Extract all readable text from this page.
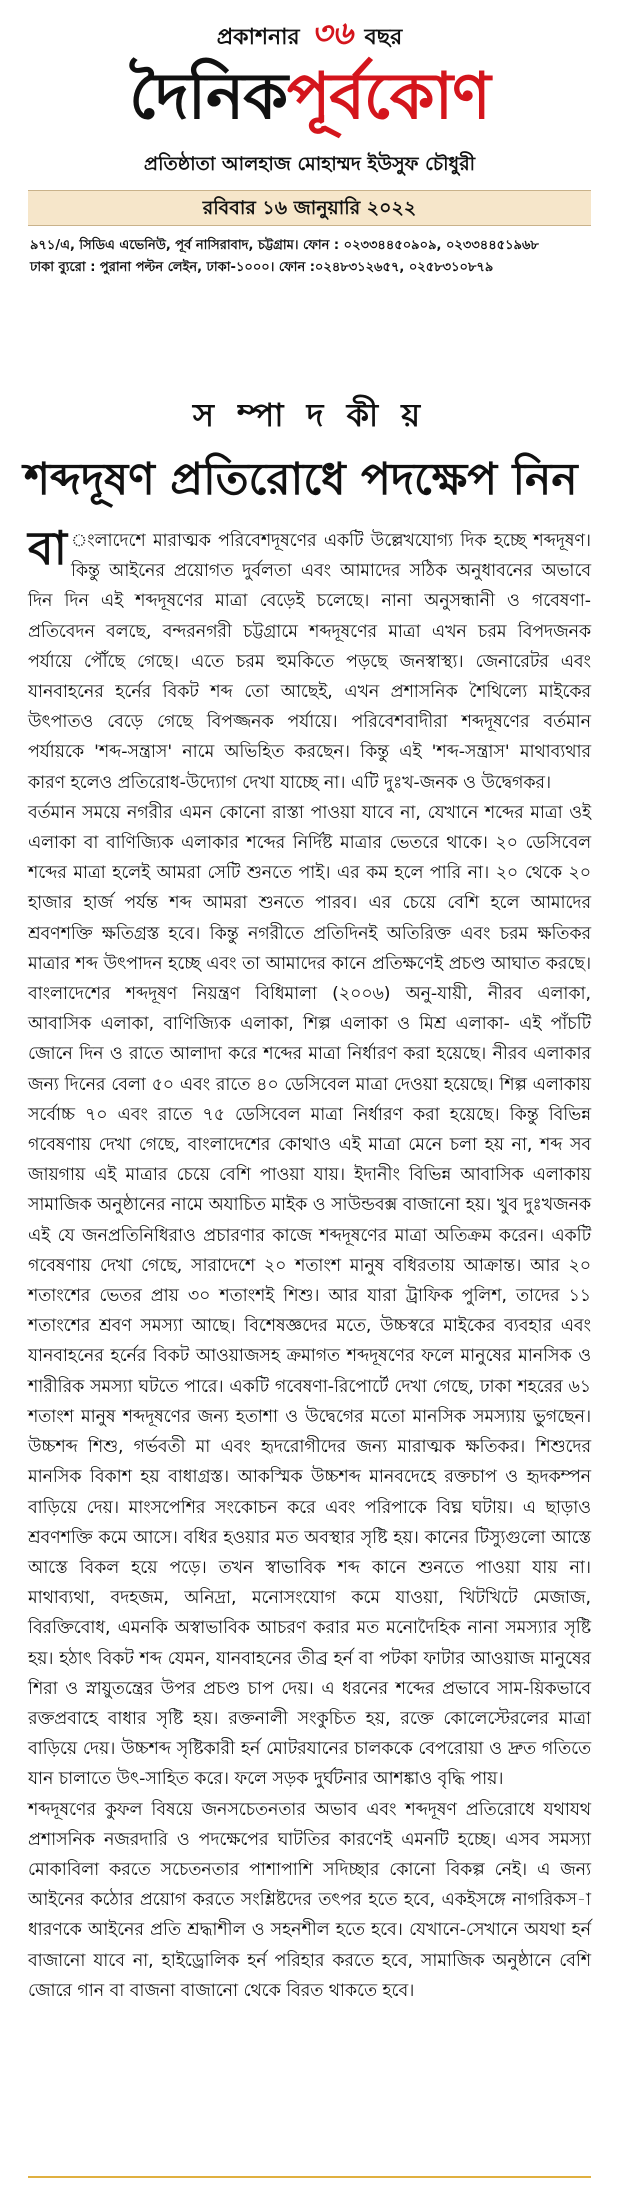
প্রকাশনার ৩৬ বছর
দৈনিকপূর্বকোণ
প্রতিষ্ঠাতা আলহাজ মোহাম্মদ ইউসুফ চৌধুরী
রবিবার ১৬ জানুয়ারি ২০২২
৯৭১/এ, সিডিএ এভেনিউ, পূর্ব নাসিরাবাদ, চট্টগ্রাম। ফোন : ০২৩৩৪৪৫০৯০৯, ০২৩৩৪৪৫১৯৬৮
ঢাকা ব্যুরো : পুরানা পল্টন লেইন, ঢাকা-১০০০। ফোন :০২৪৮৩১২৬৫৭, ০২৫৮৩১০৮৭৯
স ম্পা দ কী য়
শব্দদূষণ প্রতিরোধে পদক্ষেপ নিন

বা ংলাদেশে মারাত্মক পরিবেশদূষণের একটি উল্লেখযোগ্য দিক হচ্ছে শব্দদূষণ। কিন্তু আইনের প্রয়োগত দুর্বলতা এবং আমাদের সঠিক অনুধাবনের অভাবে দিন দিন এই শব্দদূষণের মাত্রা বেড়েই চলেছে। নানা অনুসন্ধানী ও গবেষণা-প্রতিবেদন বলছে, বন্দরনগরী চট্টগ্রামে শব্দদূষণের মাত্রা এখন চরম বিপদজনক পর্যায়ে পৌঁছে গেছে। এতে চরম হুমকিতে পড়ছে জনস্বাস্থ্য। জেনারেটর এবং যানবাহনের হর্নের বিকট শব্দ তো আছেই, এখন প্রশাসনিক শৈথিল্যে মাইকের উৎপাতও বেড়ে গেছে বিপজ্জনক পর্যায়ে। পরিবেশবাদীরা শব্দদূষণের বর্তমান পর্যায়কে 'শব্দ-সন্ত্রাস' নামে অভিহিত করছেন। কিন্তু এই 'শব্দ-সন্ত্রাস' মাথাব্যথার কারণ হলেও প্রতিরোধ-উদ্যোগ দেখা যাচ্ছে না। এটি দুঃখ-জনক ও উদ্বেগকর।

বর্তমান সময়ে নগরীর এমন কোনো রাস্তা পাওয়া যাবে না, যেখানে শব্দের মাত্রা ওই এলাকা বা বাণিজ্যিক এলাকার শব্দের নির্দিষ্ট মাত্রার ভেতরে থাকে। ২০ ডেসিবেল শব্দের মাত্রা হলেই আমরা সেটি শুনতে পাই। এর কম হলে পারি না। ২০ থেকে ২০ হাজার হার্জ পর্যন্ত শব্দ আমরা শুনতে পারব। এর চেয়ে বেশি হলে আমাদের শ্রবণশক্তি ক্ষতিগ্রস্ত হবে। কিন্তু নগরীতে প্রতিদিনই অতিরিক্ত এবং চরম ক্ষতিকর মাত্রার শব্দ উৎপাদন হচ্ছে এবং তা আমাদের কানে প্রতিক্ষণেই প্রচণ্ড আঘাত করছে। বাংলাদেশের শব্দদূষণ নিয়ন্ত্রণ বিধিমালা (২০০৬) অনু-যায়ী, নীরব এলাকা, আবাসিক এলাকা, বাণিজ্যিক এলাকা, শিল্প এলাকা ও মিশ্র এলাকা- এই পাঁচটি জোনে দিন ও রাতে আলাদা করে শব্দের মাত্রা নির্ধারণ করা হয়েছে। নীরব এলাকার জন্য দিনের বেলা ৫০ এবং রাতে ৪০ ডেসিবেল মাত্রা দেওয়া হয়েছে। শিল্প এলাকায় সর্বোচ্চ ৭০ এবং রাতে ৭৫ ডেসিবেল মাত্রা নির্ধারণ করা হয়েছে। কিন্তু বিভিন্ন গবেষণায় দেখা গেছে, বাংলাদেশের কোথাও এই মাত্রা মেনে চলা হয় না, শব্দ সব জায়গায় এই মাত্রার চেয়ে বেশি পাওয়া যায়। ইদানীং বিভিন্ন আবাসিক এলাকায় সামাজিক অনুষ্ঠানের নামে অযাচিত মাইক ও সাউন্ডবক্স বাজানো হয়। খুব দুঃখজনক এই যে জনপ্রতিনিধিরাও প্রচারণার কাজে শব্দদূষণের মাত্রা অতিক্রম করেন। একটি গবেষণায় দেখা গেছে, সারাদেশে ২০ শতাংশ মানুষ বধিরতায় আক্রান্ত। আর ২০ শতাংশের ভেতর প্রায় ৩০ শতাংশই শিশু। আর যারা ট্রাফিক পুলিশ, তাদের ১১ শতাংশের শ্রবণ সমস্যা আছে। বিশেষজ্ঞদের মতে, উচ্চস্বরে মাইকের ব্যবহার এবং যানবাহনের হর্নের বিকট আওয়াজসহ ক্রমাগত শব্দদূষণের ফলে মানুষের মানসিক ও শারীরিক সমস্যা ঘটতে পারে। একটি গবেষণা-রিপোর্টে দেখা গেছে, ঢাকা শহরের ৬১ শতাংশ মানুষ শব্দদূষণের জন্য হতাশা ও উদ্বেগের মতো মানসিক সমস্যায় ভুগছেন। উচ্চশব্দ শিশু, গর্ভবতী মা এবং হৃদরোগীদের জন্য মারাত্মক ক্ষতিকর। শিশুদের মানসিক বিকাশ হয় বাধাগ্রস্ত। আকস্মিক উচ্চশব্দ মানবদেহে রক্তচাপ ও হৃদকম্পন বাড়িয়ে দেয়। মাংসপেশির সংকোচন করে এবং পরিপাকে বিঘ্ন ঘটায়। এ ছাড়াও শ্রবণশক্তি কমে আসে। বধির হওয়ার মত অবস্থার সৃষ্টি হয়। কানের টিস্যুগুলো আস্তে আস্তে বিকল হয়ে পড়ে। তখন স্বাভাবিক শব্দ কানে শুনতে পাওয়া যায় না। মাথাব্যথা, বদহজম, অনিদ্রা, মনোসংযোগ কমে যাওয়া, খিটখিটে মেজাজ, বিরক্তিবোধ, এমনকি অস্বাভাবিক আচরণ করার মত মনোদৈহিক নানা সমস্যার সৃষ্টি হয়। হঠাৎ বিকট শব্দ যেমন, যানবাহনের তীব্র হর্ন বা পটকা ফাটার আওয়াজ মানুষের শিরা ও স্নায়ুতন্ত্রের উপর প্রচণ্ড চাপ দেয়। এ ধরনের শব্দের প্রভাবে সাম-য়িকভাবে রক্তপ্রবাহে বাধার সৃষ্টি হয়। রক্তনালী সংকুচিত হয়, রক্তে কোলেস্টেরলের মাত্রা বাড়িয়ে দেয়। উচ্চশব্দ সৃষ্টিকারী হর্ন মোটরযানের চালককে বেপরোয়া ও দ্রুত গতিতে যান চালাতে উৎ-সাহিত করে। ফলে সড়ক দুর্ঘটনার আশঙ্কাও বৃদ্ধি পায়।

শব্দদূষণের কুফল বিষয়ে জনসচেতনতার অভাব এবং শব্দদূষণ প্রতিরোধে যথাযথ প্রশাসনিক নজরদারি ও পদক্ষেপের ঘাটতির কারণেই এমনটি হচ্ছে। এসব সমস্যা মোকাবিলা করতে সচেতনতার পাশাপাশি সদিচ্ছার কোনো বিকল্প নেই। এ জন্য আইনের কঠোর প্রয়োগ করতে সংশ্লিষ্টদের তৎপর হতে হবে, একইসঙ্গে নাগরিকস-াধারণকে আইনের প্রতি শ্রদ্ধাশীল ও সহনশীল হতে হবে। যেখানে-সেখানে অযথা হর্ন বাজানো যাবে না, হাইড্রোলিক হর্ন পরিহার করতে হবে, সামাজিক অনুষ্ঠানে বেশি জোরে গান বা বাজনা বাজানো থেকে বিরত থাকতে হবে।
